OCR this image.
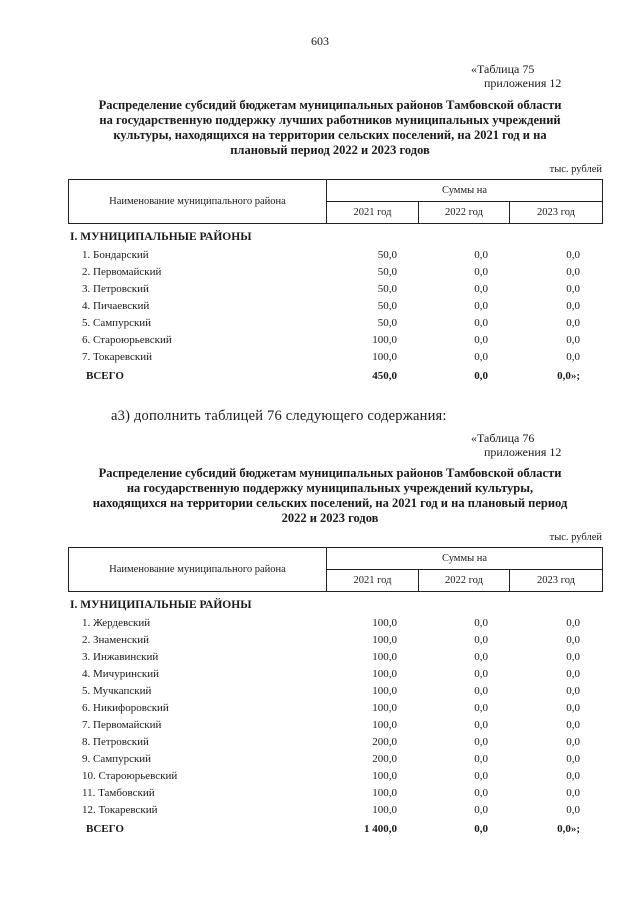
603
«Таблица 75
приложения 12
Распределение субсидий бюджетам муниципальных районов Тамбовской области
на государственную поддержку лучших работников муниципальных учреждений
культуры, находящихся на территории сельских поселений, на 2021 год и на
плановый период 2022 и 2023 годов
тыс. рублей
Наименование муниципального района	Суммы на		
	2021 год	2022 год	2023 год
I. МУНИЦИПАЛЬНЫЕ РАЙОНЫ
1. Бондарский	50,0	0,0	0,0
2. Первомайский	50,0	0,0	0,0
3. Петровский	50,0	0,0	0,0
4. Пичаевский	50,0	0,0	0,0
5. Сампурский	50,0	0,0	0,0
6. Староюрьевский	100,0	0,0	0,0
7. Токаревский	100,0	0,0	0,0
ВСЕГО	450,0	0,0	0,0»;
а3) дополнить таблицей 76 следующего содержания:
«Таблица 76
приложения 12
Распределение субсидий бюджетам муниципальных районов Тамбовской области
на государственную поддержку муниципальных учреждений культуры,
находящихся на территории сельских поселений, на 2021 год и на плановый период
2022 и 2023 годов
тыс. рублей
Наименование муниципального района	Суммы на		
	2021 год	2022 год	2023 год
I. МУНИЦИПАЛЬНЫЕ РАЙОНЫ
1. Жердевский	100,0	0,0	0,0
2. Знаменский	100,0	0,0	0,0
3. Инжавинский	100,0	0,0	0,0
4. Мичуринский	100,0	0,0	0,0
5. Мучкапский	100,0	0,0	0,0
6. Никифоровский	100,0	0,0	0,0
7. Первомайский	100,0	0,0	0,0
8. Петровский	200,0	0,0	0,0
9. Сампурский	200,0	0,0	0,0
10. Староюрьевский	100,0	0,0	0,0
11. Тамбовский	100,0	0,0	0,0
12. Токаревский	100,0	0,0	0,0
ВСЕГО	1 400,0	0,0	0,0»;
